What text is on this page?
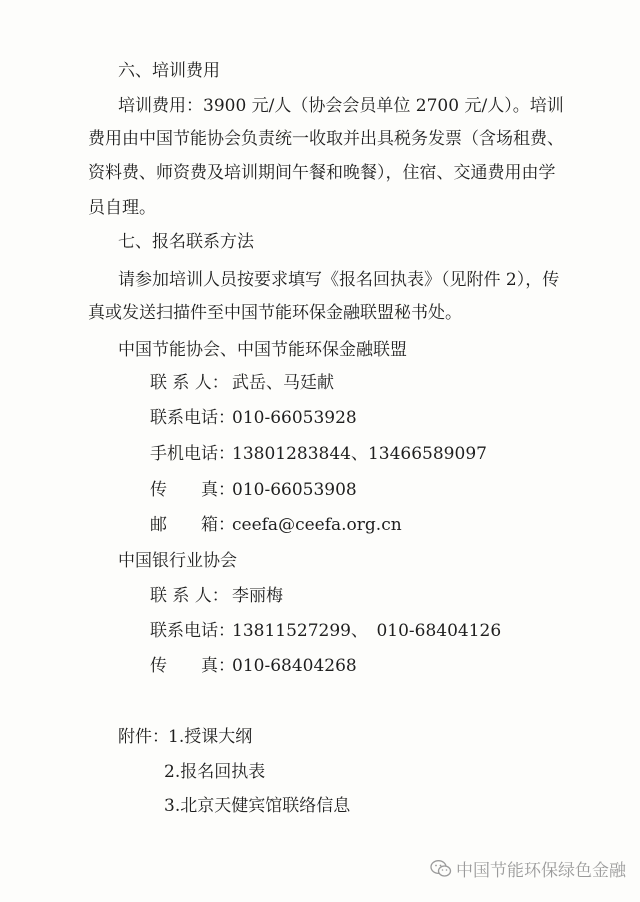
六、培训费用
培训费用：3900 元/人（协会会员单位 2700 元/人）。培训
费用由中国节能协会负责统一收取并出具税务发票（含场租费、
资料费、师资费及培训期间午餐和晚餐），住宿、交通费用由学
员自理。
七、报名联系方法
请参加培训人员按要求填写《报名回执表》（见附件 2），传
真或发送扫描件至中国节能环保金融联盟秘书处。
中国节能协会、中国节能环保金融联盟
联 系 人： 武岳、马廷献
联系电话：010-66053928
手机电话：13801283844、13466589097
传　　真：010-66053908
邮　　箱：ceefa@ceefa.org.cn
中国银行业协会
联 系 人： 李丽梅
联系电话：13811527299、　010-68404126
传　　真：010-68404268
附件： 1.授课大纲
2.报名回执表
3.北京天健宾馆联络信息
中国节能环保绿色金融
